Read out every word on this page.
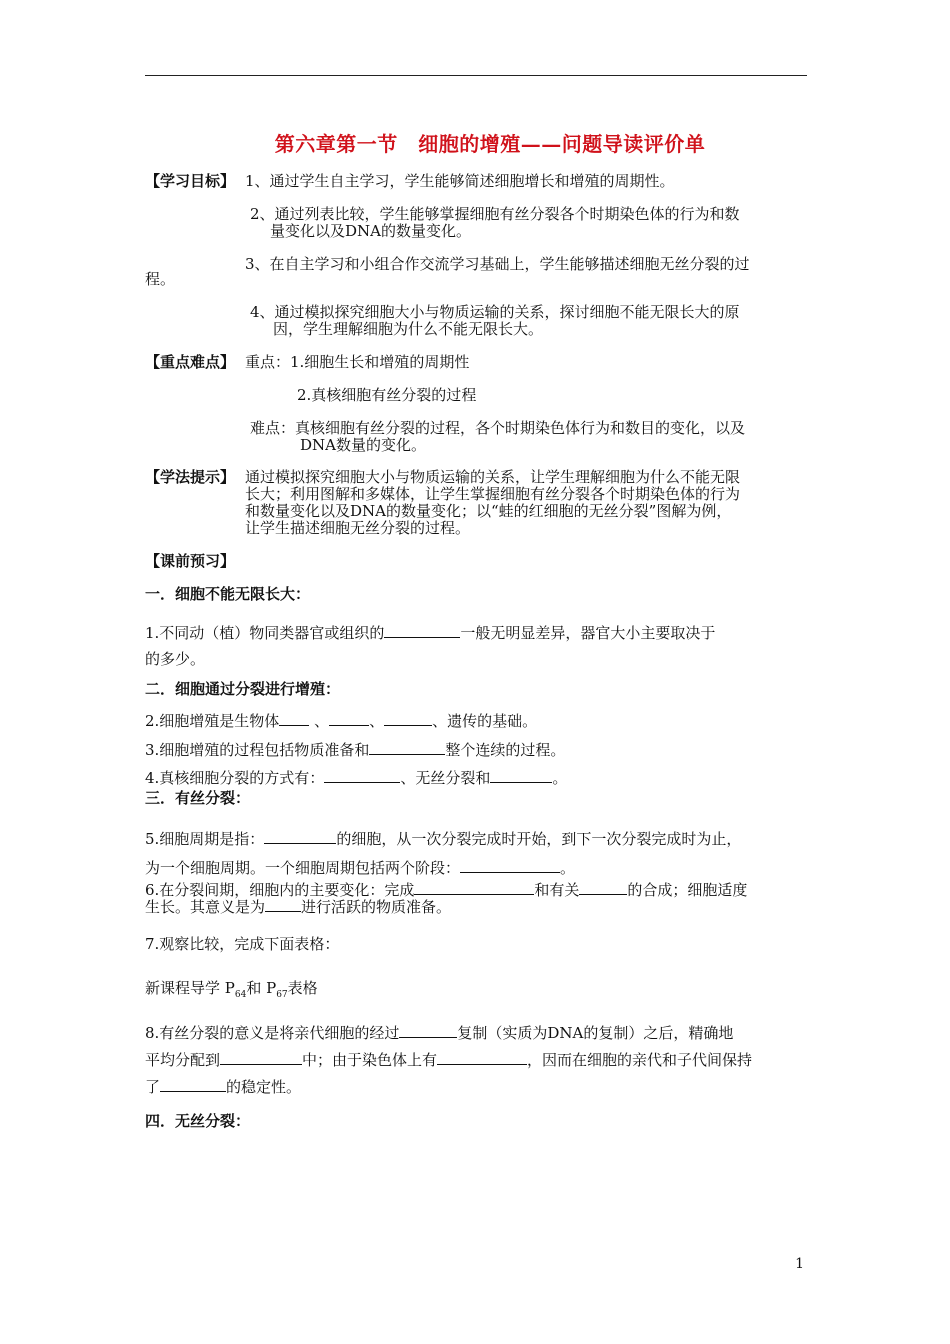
第六章第一节　细胞的增殖——问题导读评价单
【学习目标】 1、通过学生自主学习，学生能够简述细胞增长和增殖的周期性。
2、通过列表比较，学生能够掌握细胞有丝分裂各个时期染色体的行为和数
量变化以及DNA的数量变化。
3、在自主学习和小组合作交流学习基础上，学生能够描述细胞无丝分裂的过
程。
4、通过模拟探究细胞大小与物质运输的关系，探讨细胞不能无限长大的原
因，学生理解细胞为什么不能无限长大。
【重点难点】 重点：1.细胞生长和增殖的周期性
2.真核细胞有丝分裂的过程
难点：真核细胞有丝分裂的过程，各个时期染色体行为和数目的变化，以及
DNA数量的变化。
【学法提示】 通过模拟探究细胞大小与物质运输的关系，让学生理解细胞为什么不能无限
长大；利用图解和多媒体，让学生掌握细胞有丝分裂各个时期染色体的行为
和数量变化以及DNA的数量变化；以“蛙的红细胞的无丝分裂”图解为例，
让学生描述细胞无丝分裂的过程。
【课前预习】
一．细胞不能无限长大：
1.不同动（植）物同类器官或组织的	一般无明显差异，器官大小主要取决于
的多少。
二．细胞通过分裂进行增殖：
2.细胞增殖是生物体 、	、	、遗传的基础。
3.细胞增殖的过程包括物质准备和	整个连续的过程。
4.真核细胞分裂的方式有：	、无丝分裂和	。
三．有丝分裂：
5.细胞周期是指：	的细胞，从一次分裂完成时开始，到下一次分裂完成时为止，
为一个细胞周期。一个细胞周期包括两个阶段：	。
6.在分裂间期，细胞内的主要变化：完成	和有关	的合成；细胞适度
生长。其意义是为 进行活跃的物质准备。
7.观察比较，完成下面表格：
新课程导学 $P_{64}$和 $P_{67}$表格
8.有丝分裂的意义是将亲代细胞的经过	复制（实质为DNA的复制）之后，精确地
平均分配到	中；由于染色体上有	，因而在细胞的亲代和子代间保持
了	的稳定性。
四．无丝分裂：
1
